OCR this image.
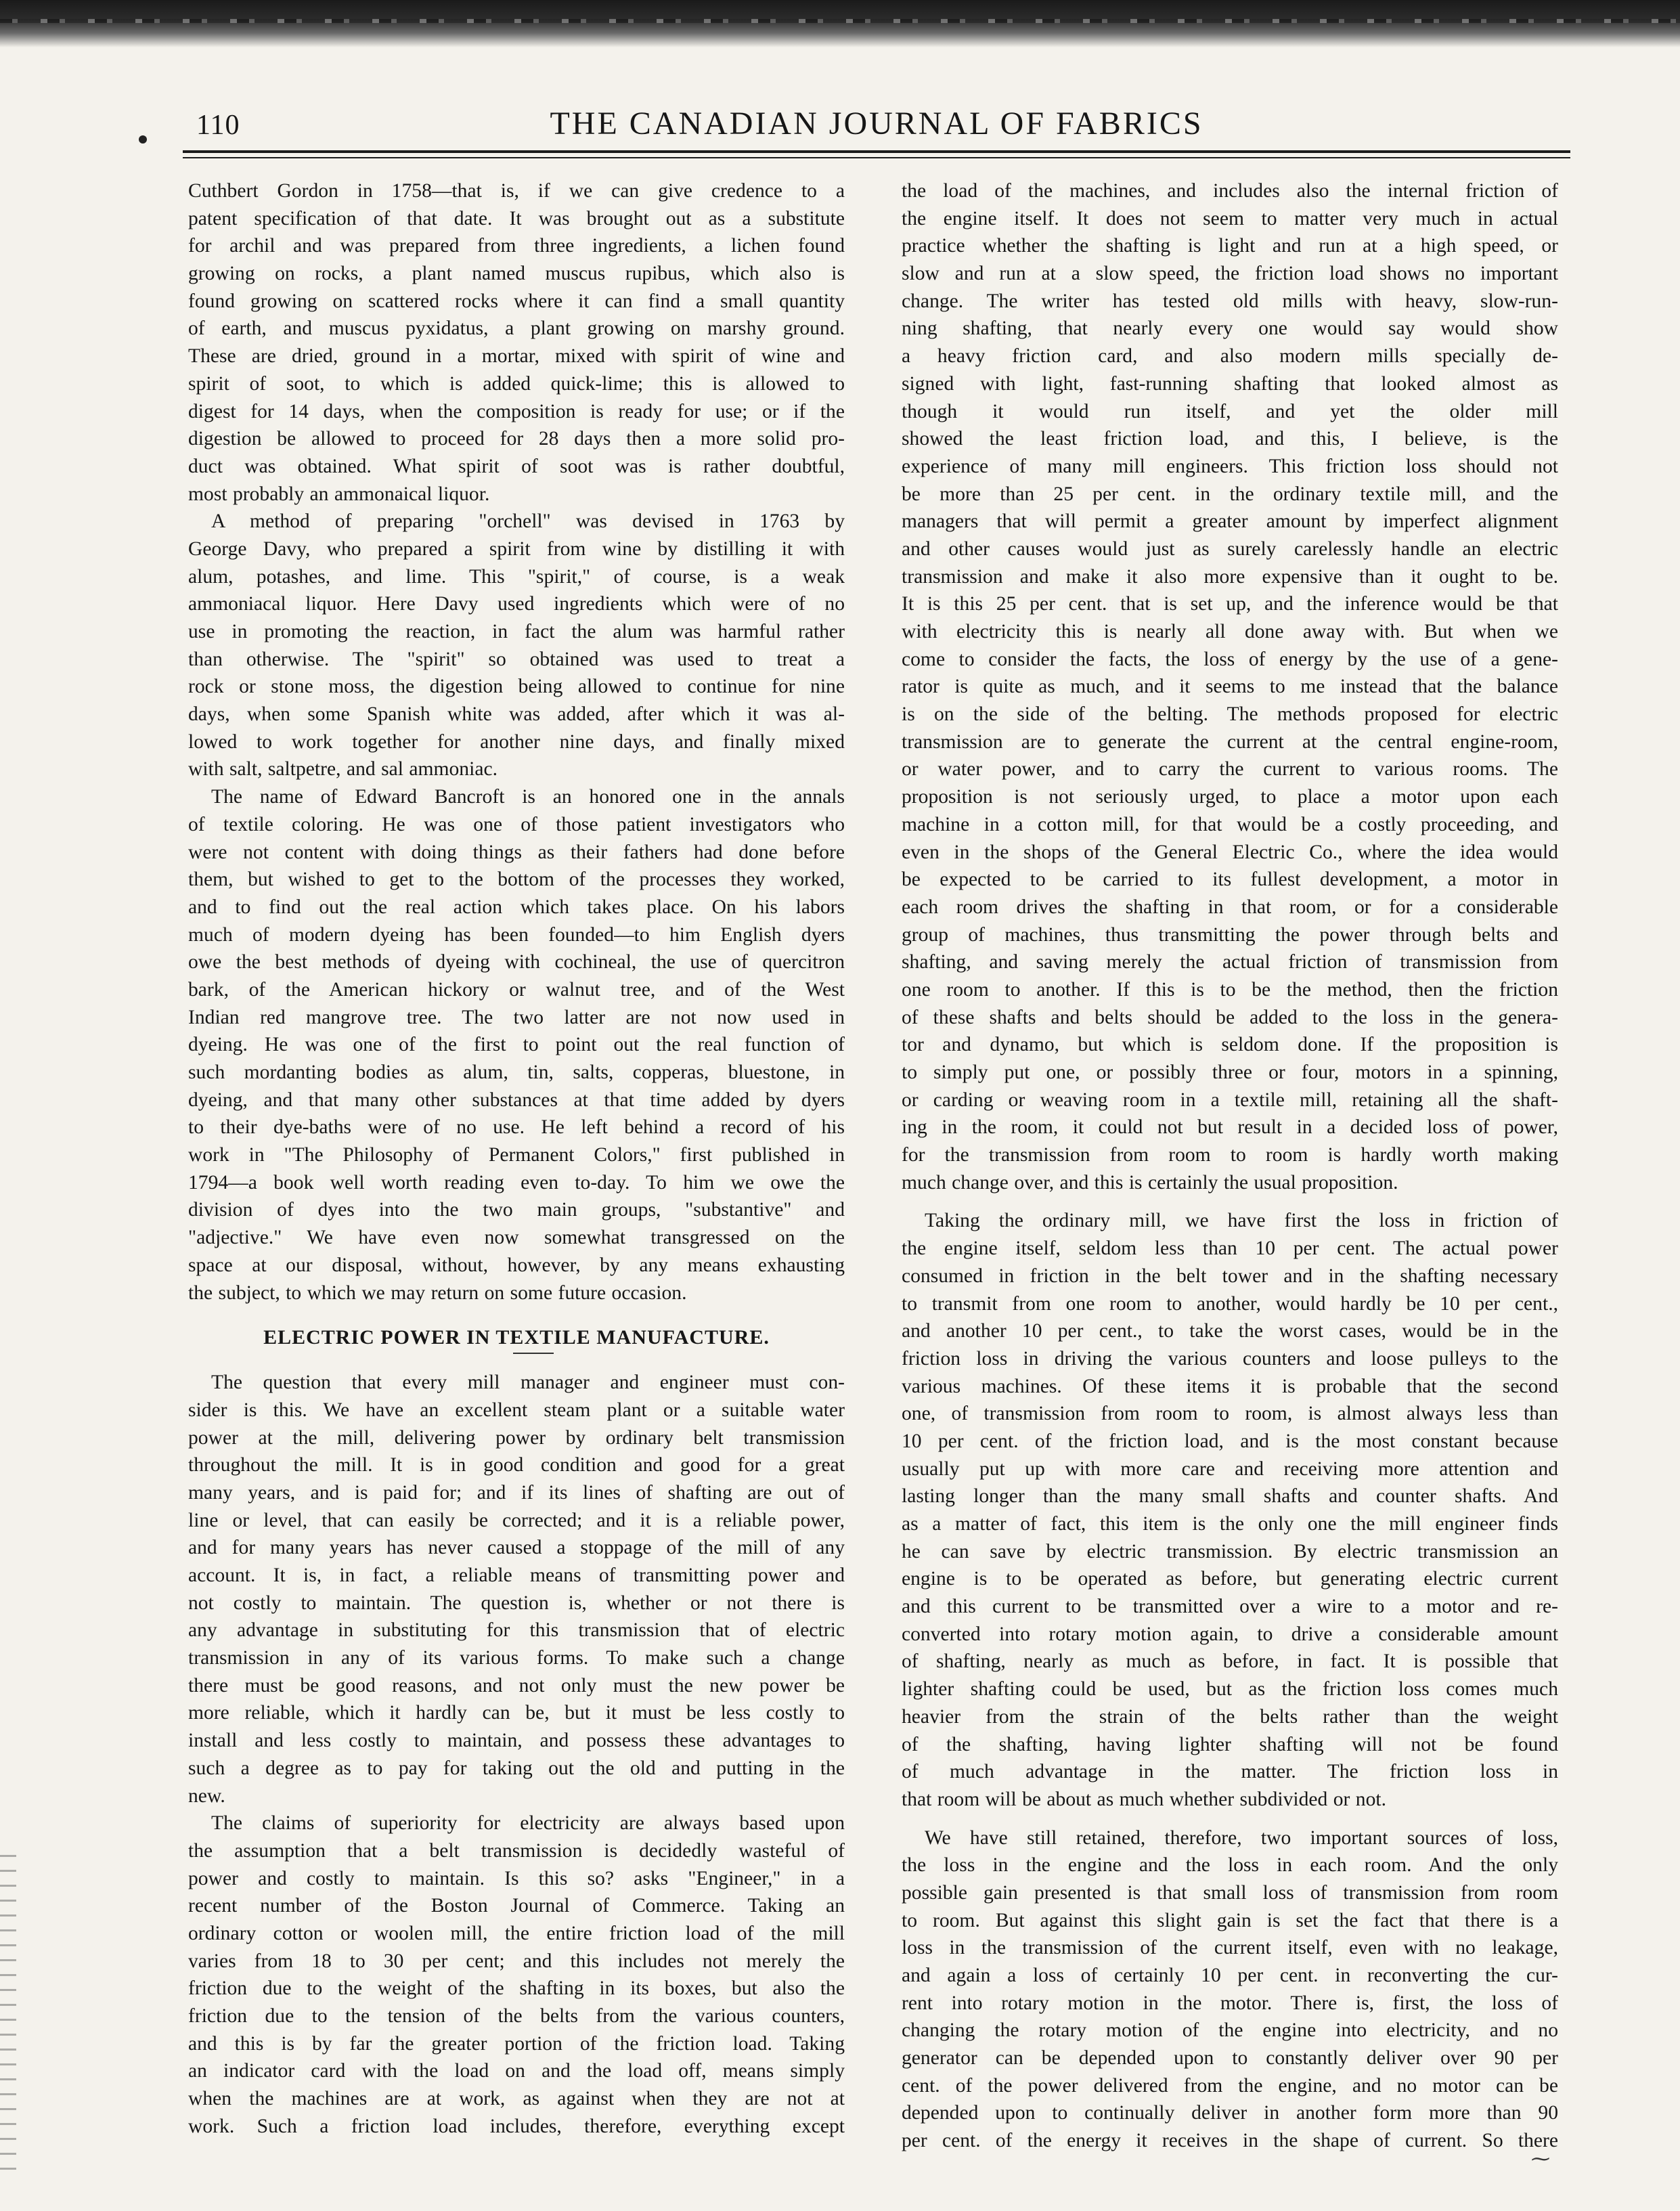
110	THE CANADIAN JOURNAL OF FABRICS
Cuthbert Gordon in 1758—that is, if we can give credence to a
patent specification of that date. It was brought out as a substitute
for archil and was prepared from three ingredients, a lichen found
growing on rocks, a plant named muscus rupibus, which also is
found growing on scattered rocks where it can find a small quantity
of earth, and muscus pyxidatus, a plant growing on marshy ground.
These are dried, ground in a mortar, mixed with spirit of wine and
spirit of soot, to which is added quick-lime; this is allowed to
digest for 14 days, when the composition is ready for use; or if the
digestion be allowed to proceed for 28 days then a more solid pro-
duct was obtained. What spirit of soot was is rather doubtful,
most probably an ammonaical liquor.
A method of preparing "orchell" was devised in 1763 by
George Davy, who prepared a spirit from wine by distilling it with
alum, potashes, and lime. This "spirit," of course, is a weak
ammoniacal liquor. Here Davy used ingredients which were of no
use in promoting the reaction, in fact the alum was harmful rather
than otherwise. The "spirit" so obtained was used to treat a
rock or stone moss, the digestion being allowed to continue for nine
days, when some Spanish white was added, after which it was al-
lowed to work together for another nine days, and finally mixed
with salt, saltpetre, and sal ammoniac.
The name of Edward Bancroft is an honored one in the annals
of textile coloring. He was one of those patient investigators who
were not content with doing things as their fathers had done before
them, but wished to get to the bottom of the processes they worked,
and to find out the real action which takes place. On his labors
much of modern dyeing has been founded—to him English dyers
owe the best methods of dyeing with cochineal, the use of quercitron
bark, of the American hickory or walnut tree, and of the West
Indian red mangrove tree. The two latter are not now used in
dyeing. He was one of the first to point out the real function of
such mordanting bodies as alum, tin, salts, copperas, bluestone, in
dyeing, and that many other substances at that time added by dyers
to their dye-baths were of no use. He left behind a record of his
work in "The Philosophy of Permanent Colors," first published in
1794—a book well worth reading even to-day. To him we owe the
division of dyes into the two main groups, "substantive" and
"adjective." We have even now somewhat transgressed on the
space at our disposal, without, however, by any means exhausting
the subject, to which we may return on some future occasion.
ELECTRIC POWER IN TEXTILE MANUFACTURE.
The question that every mill manager and engineer must con-
sider is this. We have an excellent steam plant or a suitable water
power at the mill, delivering power by ordinary belt transmission
throughout the mill. It is in good condition and good for a great
many years, and is paid for; and if its lines of shafting are out of
line or level, that can easily be corrected; and it is a reliable power,
and for many years has never caused a stoppage of the mill of any
account. It is, in fact, a reliable means of transmitting power and
not costly to maintain. The question is, whether or not there is
any advantage in substituting for this transmission that of electric
transmission in any of its various forms. To make such a change
there must be good reasons, and not only must the new power be
more reliable, which it hardly can be, but it must be less costly to
install and less costly to maintain, and possess these advantages to
such a degree as to pay for taking out the old and putting in the
new.
The claims of superiority for electricity are always based upon
the assumption that a belt transmission is decidedly wasteful of
power and costly to maintain. Is this so? asks "Engineer," in a
recent number of the Boston Journal of Commerce. Taking an
ordinary cotton or woolen mill, the entire friction load of the mill
varies from 18 to 30 per cent; and this includes not merely the
friction due to the weight of the shafting in its boxes, but also the
friction due to the tension of the belts from the various counters,
and this is by far the greater portion of the friction load. Taking
an indicator card with the load on and the load off, means simply
when the machines are at work, as against when they are not at
work. Such a friction load includes, therefore, everything except
the load of the machines, and includes also the internal friction of
the engine itself. It does not seem to matter very much in actual
practice whether the shafting is light and run at a high speed, or
slow and run at a slow speed, the friction load shows no important
change. The writer has tested old mills with heavy, slow-run-
ning shafting, that nearly every one would say would show
a heavy friction card, and also modern mills specially de-
signed with light, fast-running shafting that looked almost as
though it would run itself, and yet the older mill
showed the least friction load, and this, I believe, is the
experience of many mill engineers. This friction loss should not
be more than 25 per cent. in the ordinary textile mill, and the
managers that will permit a greater amount by imperfect alignment
and other causes would just as surely carelessly handle an electric
transmission and make it also more expensive than it ought to be.
It is this 25 per cent. that is set up, and the inference would be that
with electricity this is nearly all done away with. But when we
come to consider the facts, the loss of energy by the use of a gene-
rator is quite as much, and it seems to me instead that the balance
is on the side of the belting. The methods proposed for electric
transmission are to generate the current at the central engine-room,
or water power, and to carry the current to various rooms. The
proposition is not seriously urged, to place a motor upon each
machine in a cotton mill, for that would be a costly proceeding, and
even in the shops of the General Electric Co., where the idea would
be expected to be carried to its fullest development, a motor in
each room drives the shafting in that room, or for a considerable
group of machines, thus transmitting the power through belts and
shafting, and saving merely the actual friction of transmission from
one room to another. If this is to be the method, then the friction
of these shafts and belts should be added to the loss in the genera-
tor and dynamo, but which is seldom done. If the proposition is
to simply put one, or possibly three or four, motors in a spinning,
or carding or weaving room in a textile mill, retaining all the shaft-
ing in the room, it could not but result in a decided loss of power,
for the transmission from room to room is hardly worth making
much change over, and this is certainly the usual proposition.
Taking the ordinary mill, we have first the loss in friction of
the engine itself, seldom less than 10 per cent. The actual power
consumed in friction in the belt tower and in the shafting necessary
to transmit from one room to another, would hardly be 10 per cent.,
and another 10 per cent., to take the worst cases, would be in the
friction loss in driving the various counters and loose pulleys to the
various machines. Of these items it is probable that the second
one, of transmission from room to room, is almost always less than
10 per cent. of the friction load, and is the most constant because
usually put up with more care and receiving more attention and
lasting longer than the many small shafts and counter shafts. And
as a matter of fact, this item is the only one the mill engineer finds
he can save by electric transmission. By electric transmission an
engine is to be operated as before, but generating electric current
and this current to be transmitted over a wire to a motor and re-
converted into rotary motion again, to drive a considerable amount
of shafting, nearly as much as before, in fact. It is possible that
lighter shafting could be used, but as the friction loss comes much
heavier from the strain of the belts rather than the weight
of the shafting, having lighter shafting will not be found
of much advantage in the matter. The friction loss in
that room will be about as much whether subdivided or not.
We have still retained, therefore, two important sources of loss,
the loss in the engine and the loss in each room. And the only
possible gain presented is that small loss of transmission from room
to room. But against this slight gain is set the fact that there is a
loss in the transmission of the current itself, even with no leakage,
and again a loss of certainly 10 per cent. in reconverting the cur-
rent into rotary motion in the motor. There is, first, the loss of
changing the rotary motion of the engine into electricity, and no
generator can be depended upon to constantly deliver over 90 per
cent. of the power delivered from the engine, and no motor can be
depended upon to continually deliver in another form more than 90
per cent. of the energy it receives in the shape of current. So there
⁓
